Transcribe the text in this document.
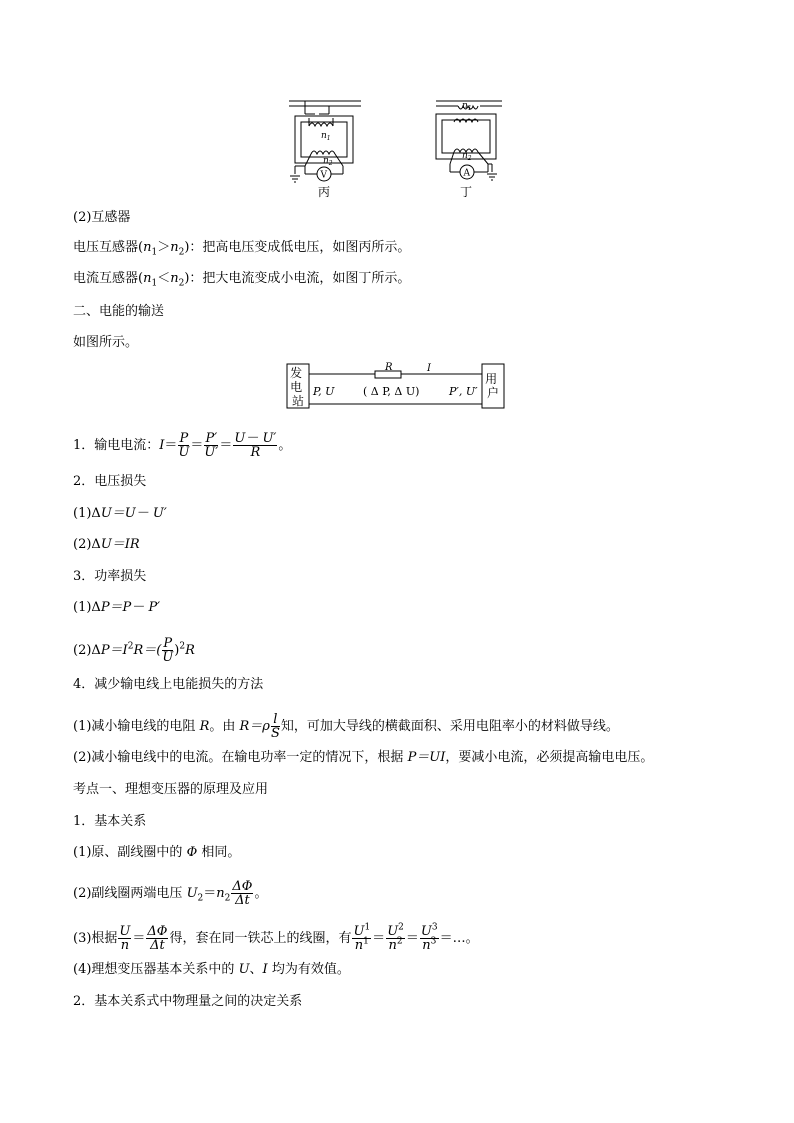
$n_1$
$n_2$
V
丙
$n_1$
$n_2$
A
丁
(2)互感器
电压互感器$(n_1>n_2)$：把高电压变成低电压，如图丙所示。
电流互感器$(n_1<n_2)$：把大电流变成小电流，如图丁所示。
二、电能的输送
如图所示。
发 电 站
用 户
R	I
P, U	( Δ P, Δ U)	P′, U′
1．输电电流：$I= \frac{P}{U} = \frac{P'}{U'} = \frac{U- U'}{R}$ 。
2．电压损失
(1)ΔU＝U－ U′
(2)ΔU＝IR
3．功率损失
(1)ΔP＝P－ P′
$(2)\Delta P=I^2R=( \frac{P}{U} )^2R$
4．减少输电线上电能损失的方法
(1)减小输电线的电阻 R。由 $R=\rho \frac{l}{S}$ 知，可加大导线的横截面积、采用电阻率小的材料做导线。
(2)减小输电线中的电流。在输电功率一定的情况下，根据 P＝UI，要减小电流，必须提高输电电压。
考点一、理想变压器的原理及应用
1．基本关系
(1)原、副线圈中的 Φ 相同。
(2)副线圈两端电压 $U_2=n_2 \frac{\Delta\Phi}{\Delta t}$ 。
(3)根据 $\frac{U}{n} = \frac{\Delta\Phi}{\Delta t}$ 得，套在同一铁芯上的线圈，有 $\frac{U^1}{n^1} = \frac{U^2}{n^2} = \frac{U^3}{n^3}$ ＝…。
(4)理想变压器基本关系中的 U、I 均为有效值。
2．基本关系式中物理量之间的决定关系
